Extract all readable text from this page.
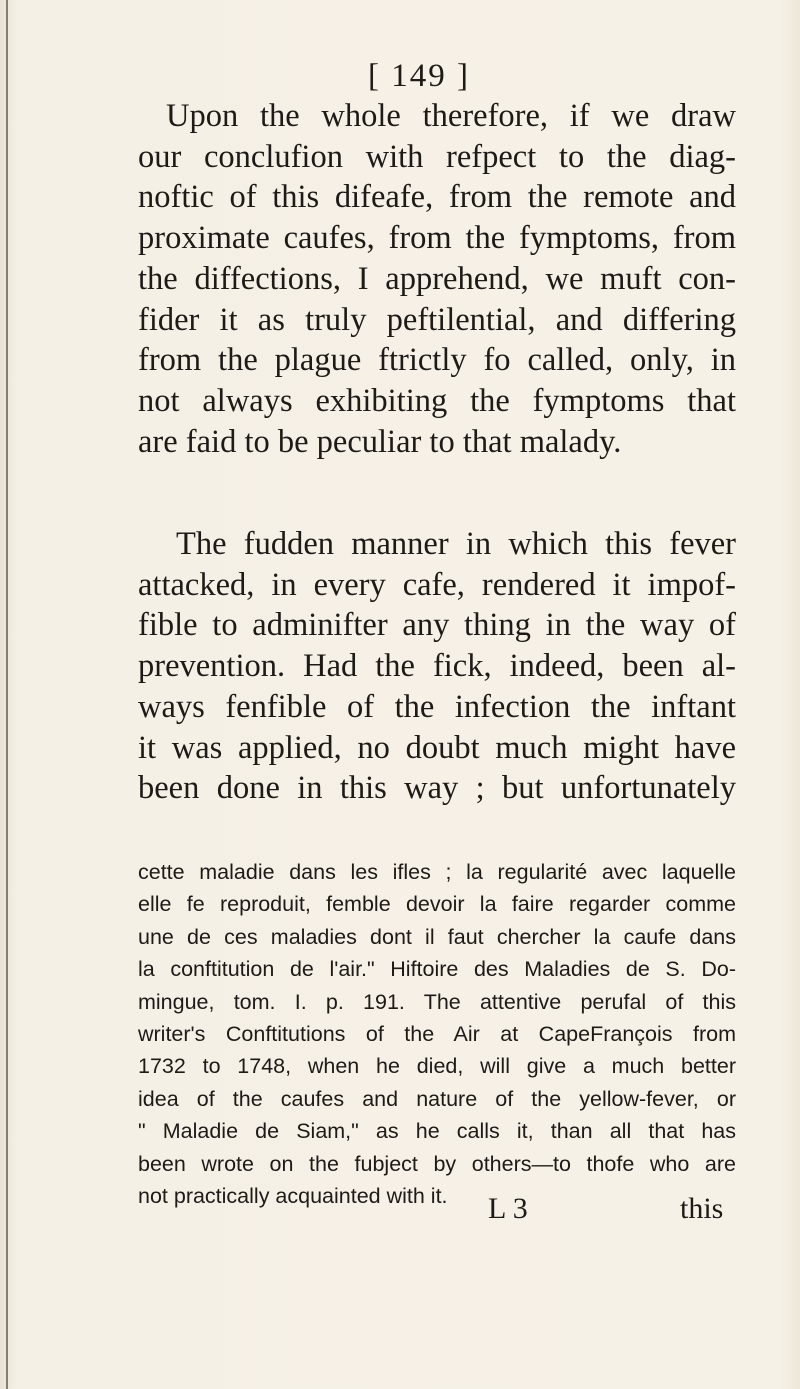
[ 149 ]
Upon the whole therefore, if we draw
our conclufion with refpect to the diag-
noftic of this difeafe, from the remote and
proximate caufes, from the fymptoms, from
the diffections, I apprehend, we muft con-
fider it as truly peftilential, and differing
from the plague ftrictly fo called, only, in
not always exhibiting the fymptoms that
are faid to be peculiar to that malady.
The fudden manner in which this fever
attacked, in every cafe, rendered it impof-
fible to adminifter any thing in the way of
prevention. Had the fick, indeed, been al-
ways fenfible of the infection the inftant
it was applied, no doubt much might have
been done in this way ; but unfortunately
cette maladie dans les ifles ; la regularité avec laquelle
elle fe reproduit, femble devoir la faire regarder comme
une de ces maladies dont il faut chercher la caufe dans
la conftitution de l'air." Hiftoire des Maladies de S. Do-
mingue, tom. I. p. 191. The attentive perufal of this
writer's Conftitutions of the Air at CapeFrançois from
1732 to 1748, when he died, will give a much better
idea of the caufes and nature of the yellow-fever, or
" Maladie de Siam," as he calls it, than all that has
been wrote on the fubject by others—to thofe who are
not practically acquainted with it.	L 3	this
